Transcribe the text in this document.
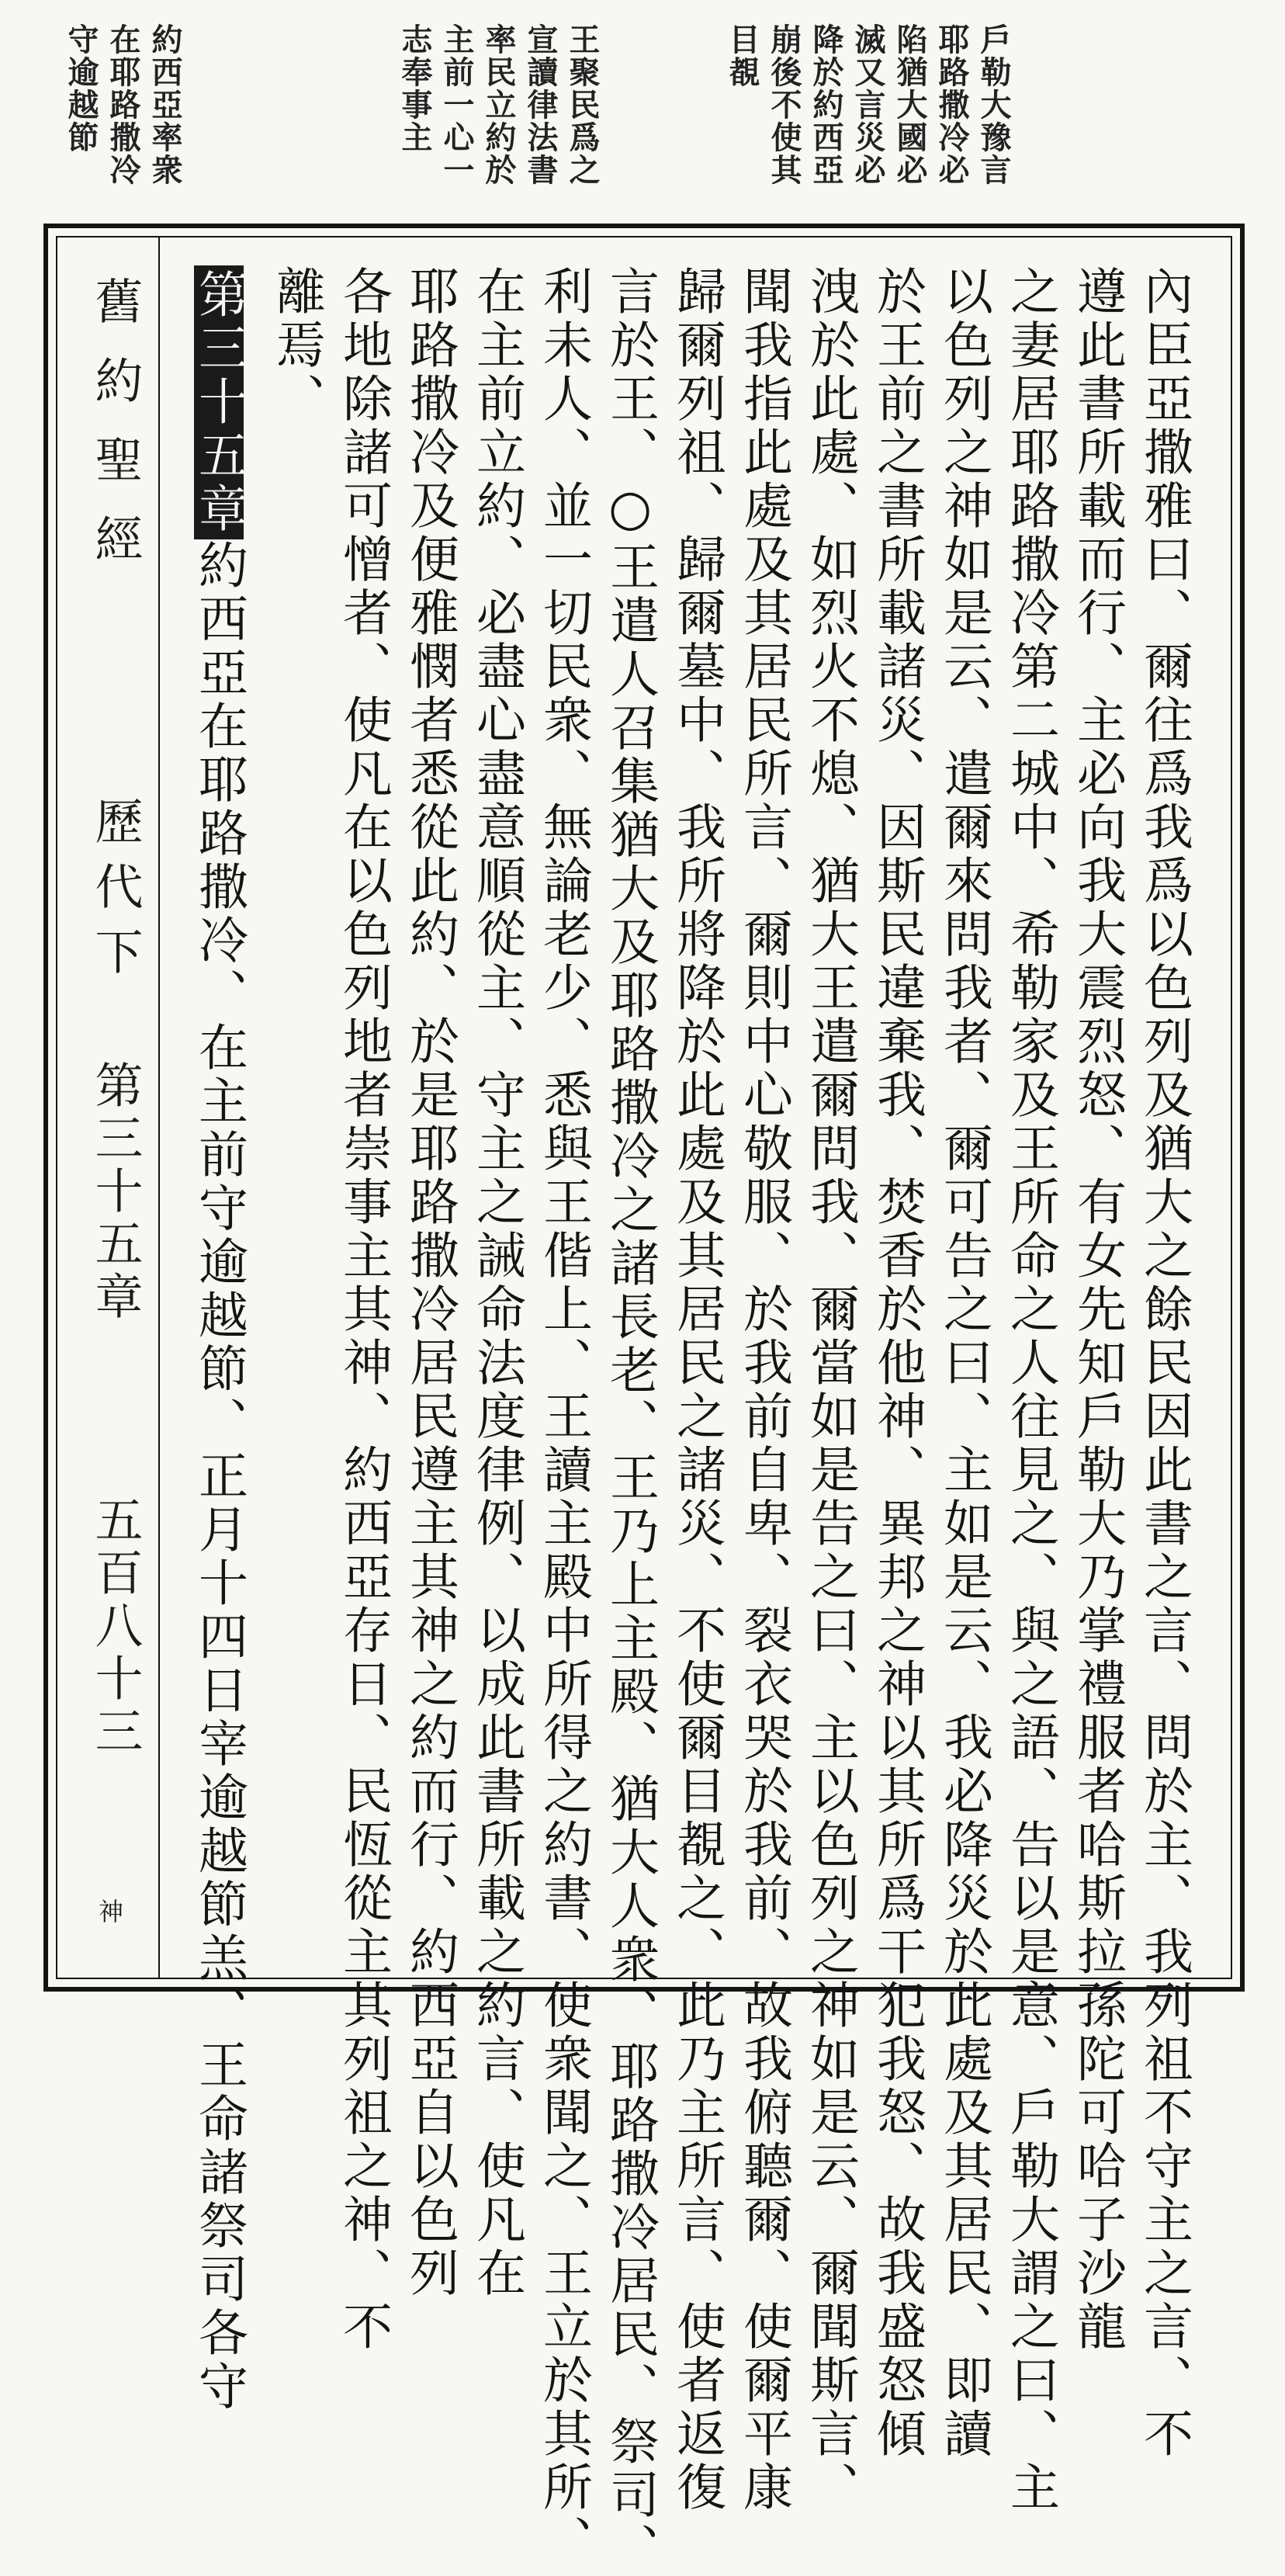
戶勒大豫言
耶路撒冷必
陷猶大國必
滅又言災必
降於約西亞
崩後不使其
目覩
王聚民爲之
宣讀律法書
率民立約於
主前一心一
志奉事主
約西亞率衆
在耶路撒冷
守逾越節
內臣亞撒雅曰、爾往爲我爲以色列及猶大之餘民因此書之言、問於主、我列祖不守主之言、不
遵此書所載而行、主必向我大震烈怒、有女先知戶勒大乃掌禮服者哈斯拉孫陀可哈子沙龍
之妻居耶路撒冷第二城中、希勒家及王所命之人往見之、與之語、告以是意、戶勒大謂之曰、主
以色列之神如是云、遣爾來問我者、爾可告之曰、主如是云、我必降災於此處及其居民、即讀
於王前之書所載諸災、因斯民違棄我、焚香於他神、異邦之神以其所爲干犯我怒、故我盛怒傾
洩於此處、如烈火不熄、猶大王遣爾問我、爾當如是告之曰、主以色列之神如是云、爾聞斯言、
聞我指此處及其居民所言、爾則中心敬服、於我前自卑、裂衣哭於我前、故我俯聽爾、使爾平康
歸爾列祖、歸爾墓中、我所將降於此處及其居民之諸災、不使爾目覩之、此乃主所言、使者返復
言於王、○王遣人召集猶大及耶路撒冷之諸長老、王乃上主殿、猶大人衆、耶路撒冷居民、祭司、
利未人、並一切民衆、無論老少、悉與王偕上、王讀主殿中所得之約書、使衆聞之、王立於其所、
在主前立約、必盡心盡意順從主、守主之誡命法度律例、以成此書所載之約言、使凡在
耶路撒冷及便雅憫者悉從此約、於是耶路撒冷居民遵主其神之約而行、約西亞自以色列
各地除諸可憎者、使凡在以色列地者崇事主其神、約西亞存日、民恆從主其列祖之神、不
離焉、
第三十五章約西亞在耶路撒冷、在主前守逾越節、正月十四日宰逾越節羔、王命諸祭司各守
舊約聖經
歷代下
第三十五章
五百八十三
神
